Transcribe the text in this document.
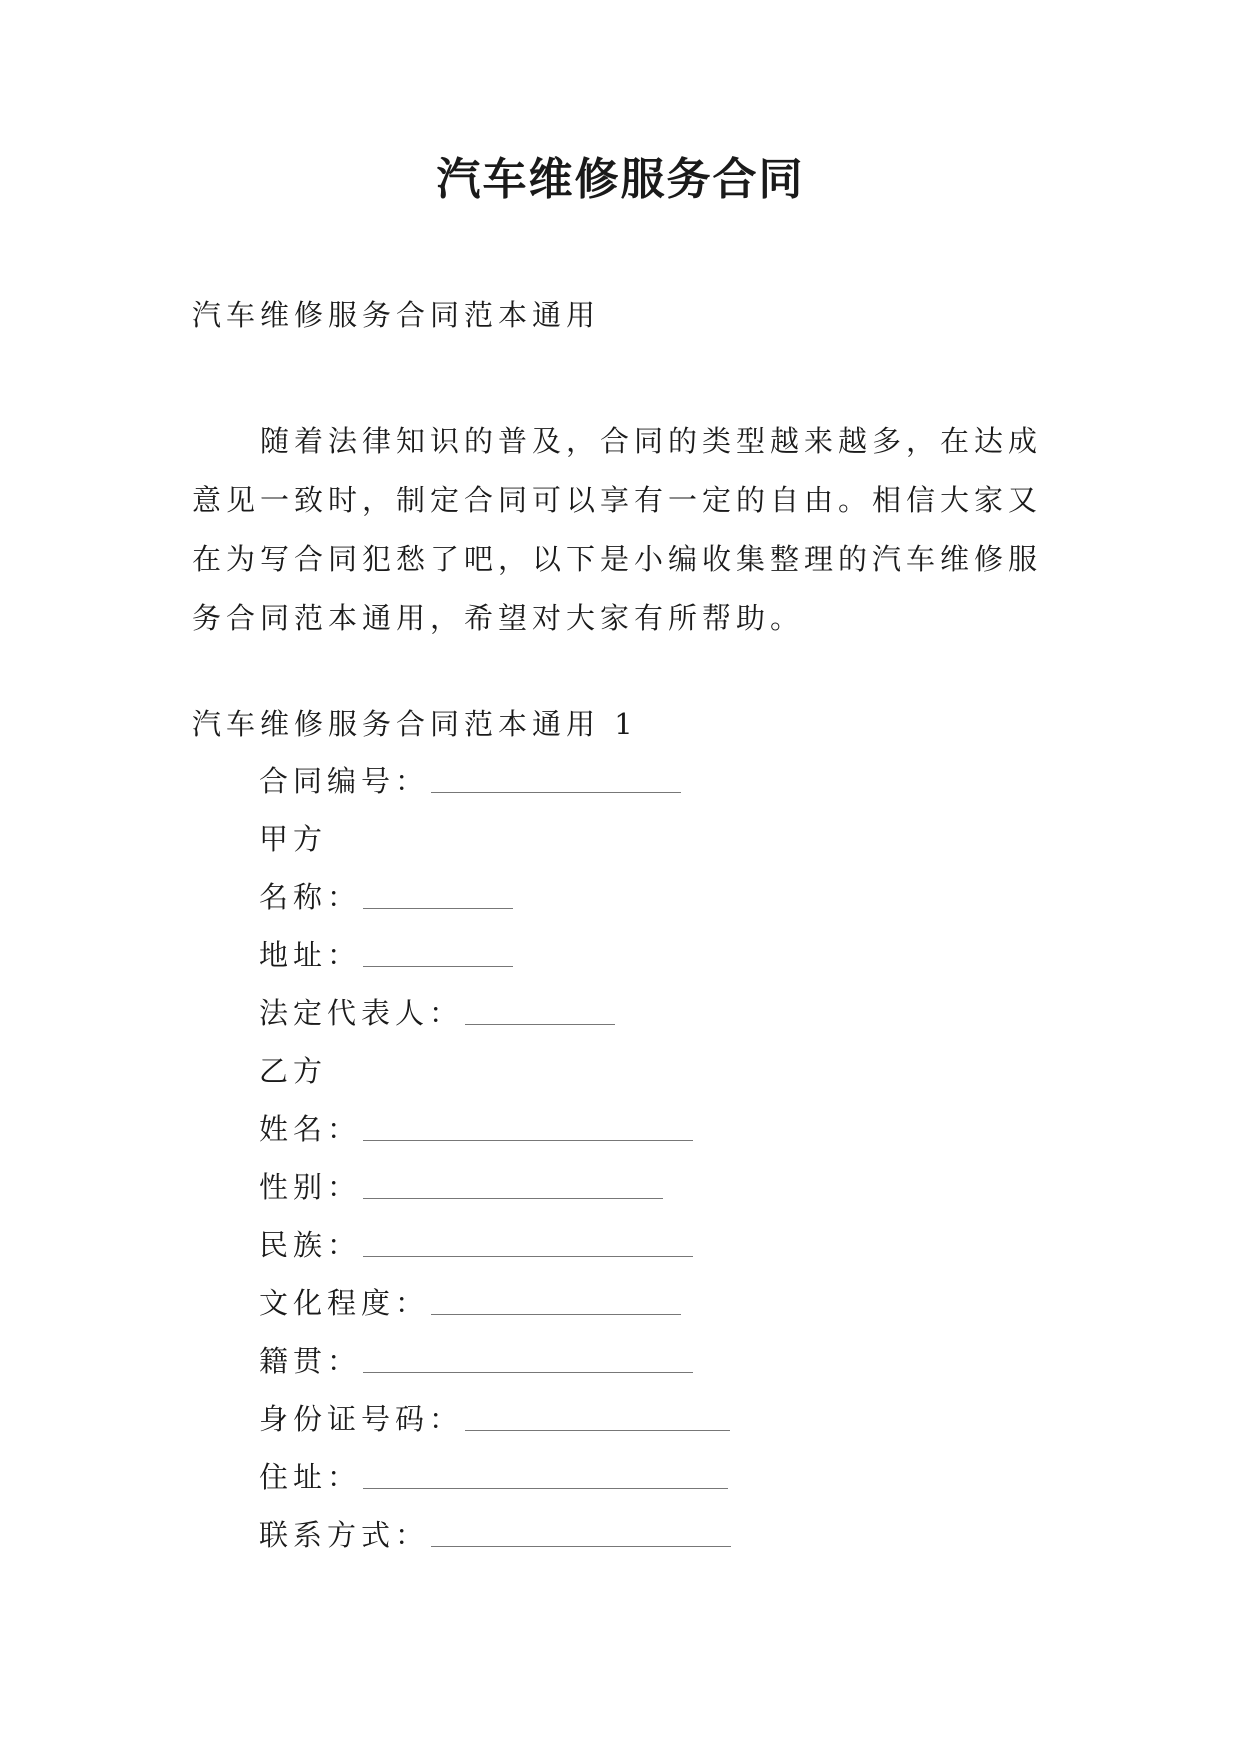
汽车维修服务合同
汽车维修服务合同范本通用
随着法律知识的普及，合同的类型越来越多，在达成意见一致时，制定合同可以享有一定的自由。相信大家又在为写合同犯愁了吧，以下是小编收集整理的汽车维修服务合同范本通用，希望对大家有所帮助。
汽车维修服务合同范本通用 1
合同编号：
甲方
名称：
地址：
法定代表人：
乙方
姓名：
性别：
民族：
文化程度：
籍贯：
身份证号码：
住址：
联系方式：
